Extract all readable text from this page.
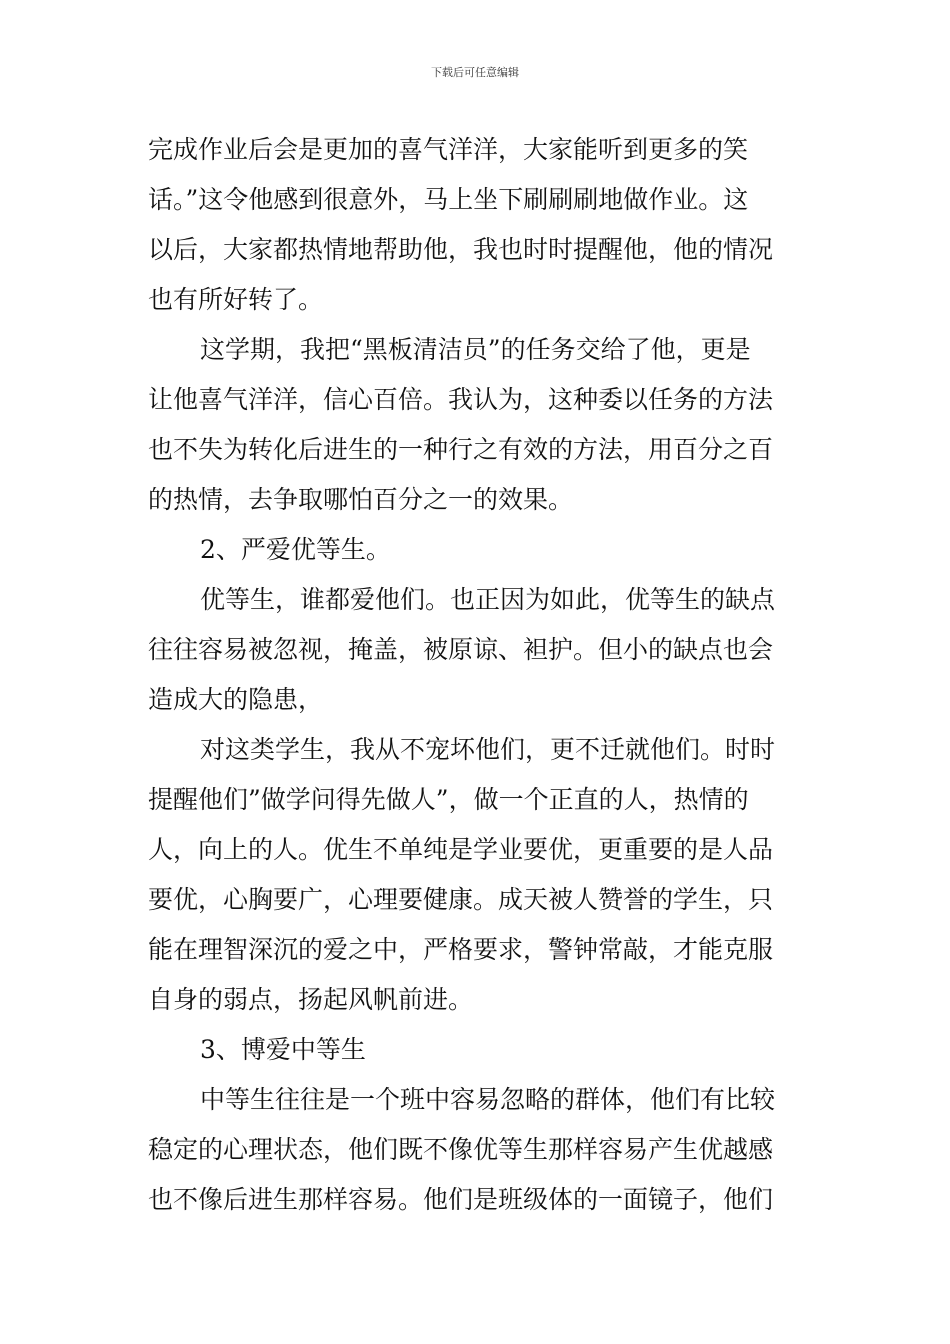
下载后可任意编辑
完成作业后会是更加的喜气洋洋，大家能听到更多的笑
话。”这令他感到很意外，马上坐下刷刷刷地做作业。这
以后，大家都热情地帮助他，我也时时提醒他，他的情况
也有所好转了。
这学期，我把“黑板清洁员”的任务交给了他，更是
让他喜气洋洋，信心百倍。我认为，这种委以任务的方法
也不失为转化后进生的一种行之有效的方法，用百分之百
的热情，去争取哪怕百分之一的效果。
2、严爱优等生。
优等生，谁都爱他们。也正因为如此，优等生的缺点
往往容易被忽视，掩盖，被原谅、袒护。但小的缺点也会
造成大的隐患，
对这类学生，我从不宠坏他们，更不迁就他们。时时
提醒他们”做学问得先做人”，做一个正直的人，热情的
人，向上的人。优生不单纯是学业要优，更重要的是人品
要优，心胸要广，心理要健康。成天被人赞誉的学生，只
能在理智深沉的爱之中，严格要求，警钟常敲，才能克服
自身的弱点，扬起风帆前进。
3、博爱中等生
中等生往往是一个班中容易忽略的群体，他们有比较
稳定的心理状态，他们既不像优等生那样容易产生优越感
也不像后进生那样容易。他们是班级体的一面镜子，他们
